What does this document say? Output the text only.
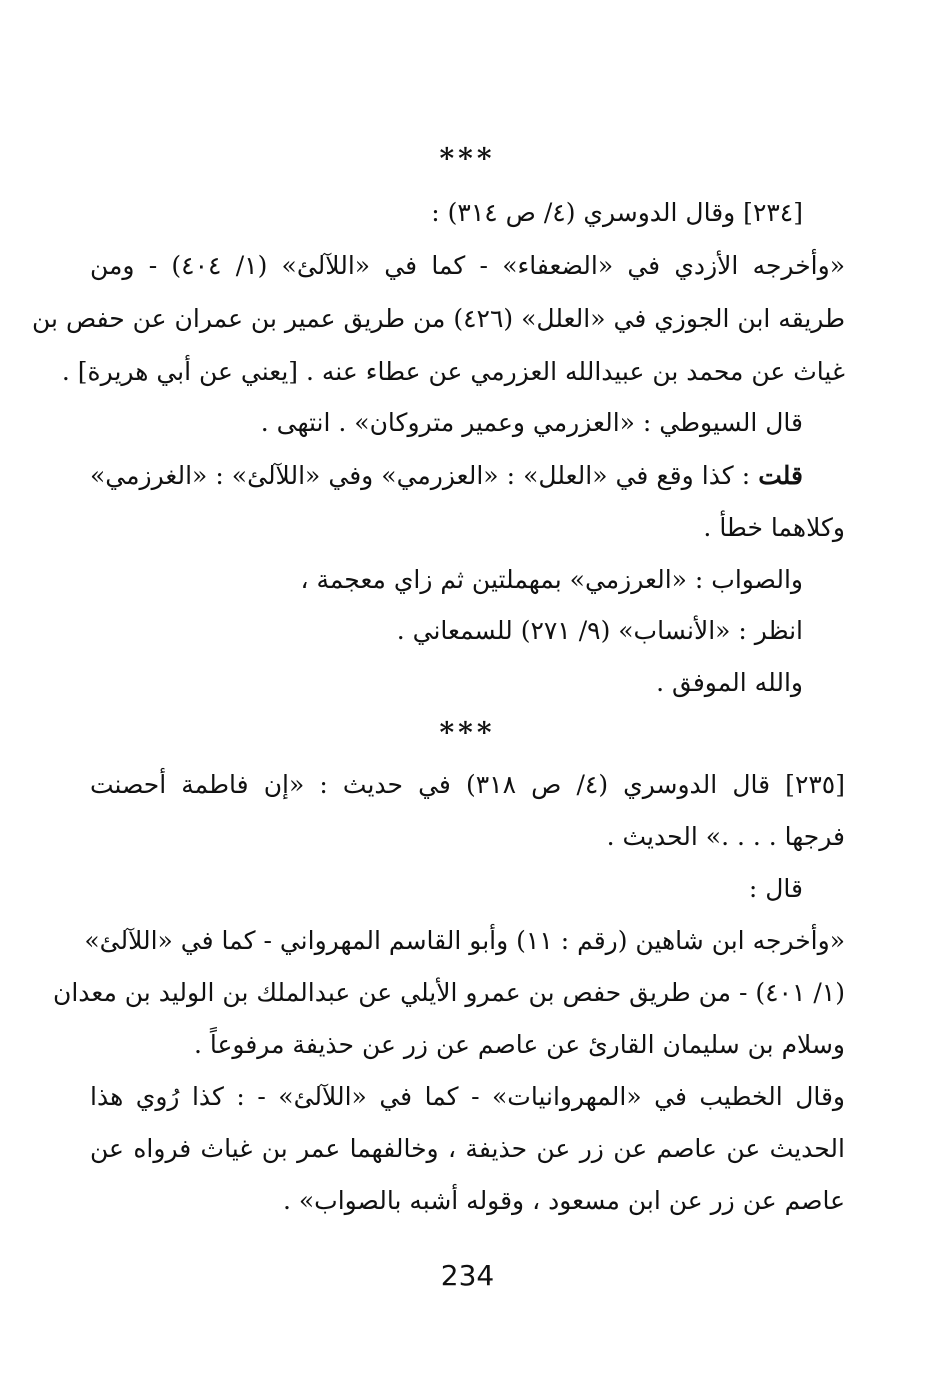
***
[٢٣٤] وقال الدوسري (٤/ ص ٣١٤) :
«وأخرجه الأزدي في «الضعفاء» - كما في «اللآلئ» (١/ ٤٠٤) - ومن
طريقه ابن الجوزي في «العلل» (٤٢٦) من طريق عمير بن عمران عن حفص بن
غياث عن محمد بن عبيدالله العزرمي عن عطاء عنه . [يعني عن أبي هريرة] .
قال السيوطي : «العزرمي وعمير متروكان» . انتهى .
قلت : كذا وقع في «العلل» : «العزرمي» وفي «اللآلئ» : «الغرزمي»
وكلاهما خطأ .
والصواب : «العرزمي» بمهملتين ثم زاي معجمة ،
انظر : «الأنساب» (٩/ ٢٧١) للسمعاني .
والله الموفق .
***
[٢٣٥] قال الدوسري (٤/ ص ٣١٨) في حديث : «إن فاطمة أحصنت
فرجها . . . .» الحديث .
قال :
«وأخرجه ابن شاهين (رقم : ١١) وأبو القاسم المهرواني - كما في «اللآلئ»
(١/ ٤٠١) - من طريق حفص بن عمرو الأيلي عن عبدالملك بن الوليد بن معدان
وسلام بن سليمان القارئ عن عاصم عن زر عن حذيفة مرفوعاً .
وقال الخطيب في «المهروانيات» - كما في «اللآلئ» - : كذا رُوي هذا
الحديث عن عاصم عن زر عن حذيفة ، وخالفهما عمر بن غياث فرواه عن
عاصم عن زر عن ابن مسعود ، وقوله أشبه بالصواب» .
234
